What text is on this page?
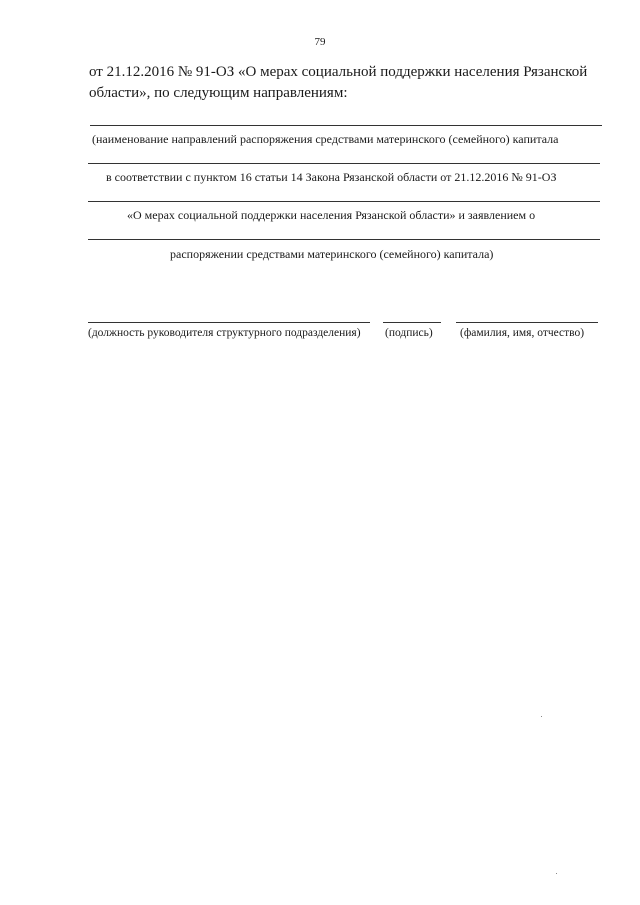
79

от 21.12.2016 № 91-ОЗ «О мерах социальной поддержки населения Рязанской

области», по следующим направлениям:

(наименование направлений распоряжения средствами материнского (семейного) капитала
в соответствии с пунктом 16 статьи 14 Закона Рязанской области от 21.12.2016 № 91-ОЗ
«О мерах социальной поддержки населения Рязанской области» и заявлением о
распоряжении средствами материнского (семейного) капитала)
(должность руководителя структурного подразделения) (подпись) (фамилия, имя, отчество)
